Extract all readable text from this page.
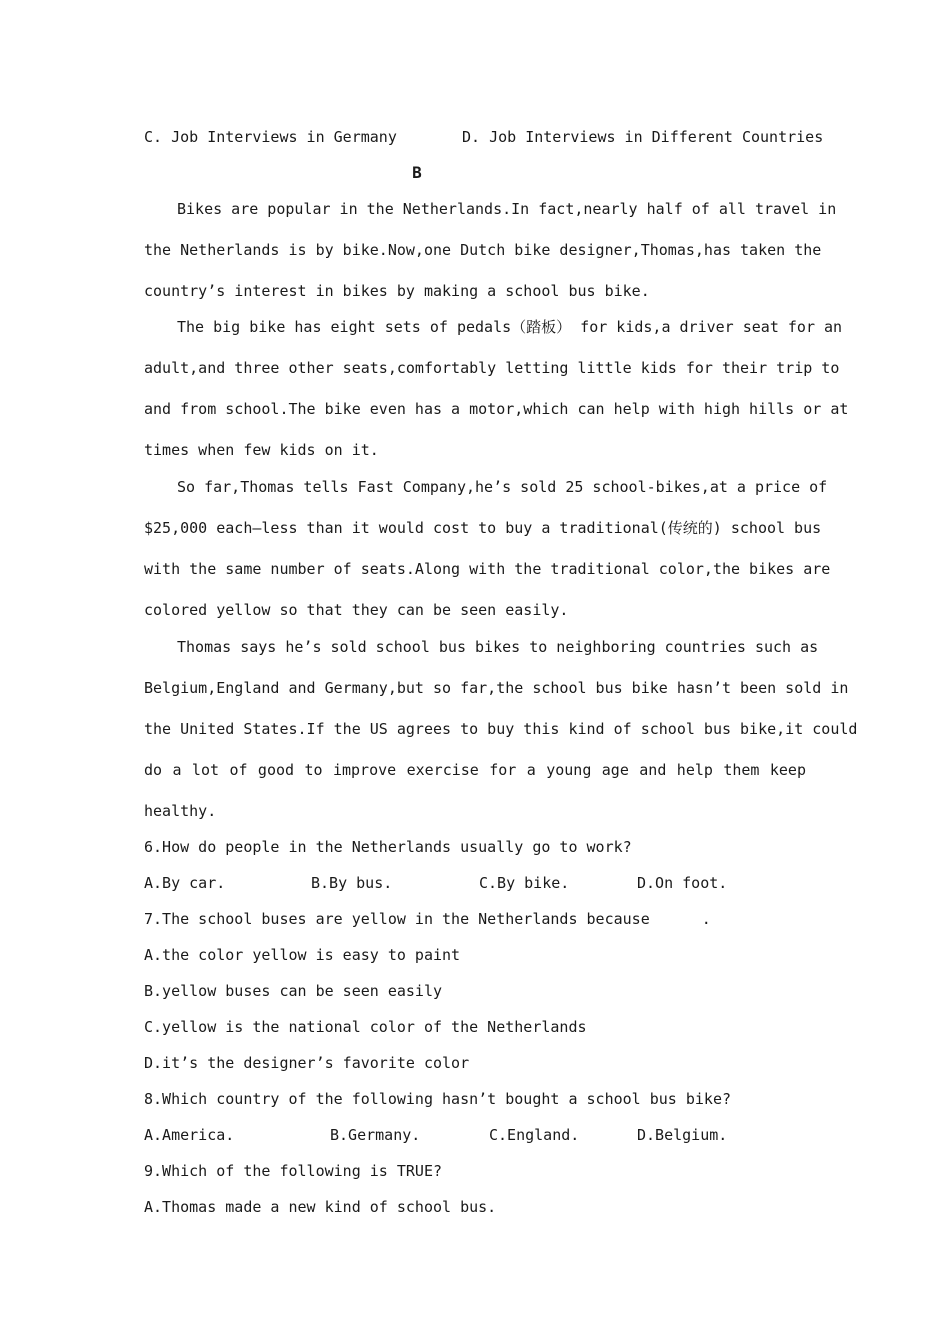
C. Job Interviews in Germany	D. Job Interviews in Different Countries
B
Bikes are popular in the Netherlands.In fact,nearly half of all travel in
the Netherlands is by bike.Now,one Dutch bike designer,Thomas,has taken the
country’s interest in bikes by making a school bus bike.
The big bike has eight sets of pedals（踏板） for kids,a driver seat for an
adult,and three other seats,comfortably letting little kids for their trip to
and from school.The bike even has a motor,which can help with high hills or at
times when few kids on it.
So far,Thomas tells Fast Company,he’s sold 25 school-bikes,at a price of
$25,000 each—less than it would cost to buy a traditional(传统的) school bus
with the same number of seats.Along with the traditional color,the bikes are
colored yellow so that they can be seen easily.
Thomas says he’s sold school bus bikes to neighboring countries such as
Belgium,England and Germany,but so far,the school bus bike hasn’t been sold in
the United States.If the US agrees to buy this kind of school bus bike,it could
do a lot of good to improve exercise for a young age and help them keep
healthy.
6.How do people in the Netherlands usually go to work?
A.By car.	B.By bus.	C.By bike.	D.On foot.
7.The school buses are yellow in the Netherlands because	.
A.the color yellow is easy to paint
B.yellow buses can be seen easily
C.yellow is the national color of the Netherlands
D.it’s the designer’s favorite color
8.Which country of the following hasn’t bought a school bus bike?
A.America.	B.Germany.	C.England.	D.Belgium.
9.Which of the following is TRUE?
A.Thomas made a new kind of school bus.
